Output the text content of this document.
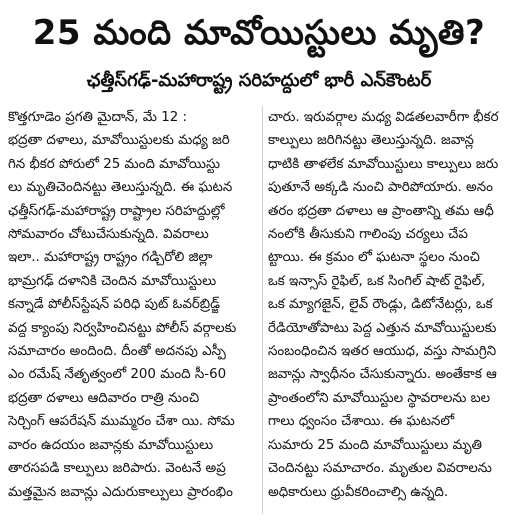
25 మంది మావోయిస్టులు మృతి?
ఛత్తీస్‌గఢ్‌-మహారాష్ట్ర సరిహద్దులో భారీ ఎన్‌కౌంటర్‌
కొత్తగూడెం ప్రగతి మైదాన్‌, మే 12 :
భద్రతా దళాలు, మావోయిస్టులకు మధ్య జరి
గిన భీకర పోరులో 25 మంది మావోయిస్టు
లు మృతిచెందినట్టు తెలుస్తున్నది. ఈ ఘటన
ఛత్తీస్‌గఢ్‌-మహారాష్ట్ర రాష్ట్రాల సరిహద్దుల్లో
సోమవారం చోటుచేసుకున్నది. వివరాలు
ఇలా.. మహారాష్ట్ర రాష్ట్రం గడ్చిరోలి జిల్లా
భామ్రగఢ్‌ దళానికి చెందిన మావోయిస్టులు
కన్నాడే పోలీస్‌స్టేషన్‌ పరిధి పుట్‌ ఓవర్‌బ్రిడ్జ్‌
వద్ద క్యాంపు నిర్వహించినట్టు పోలీస్‌ వర్గాలకు
సమాచారం అందింది. దీంతో అదనపు ఎస్పీ
ఎం రమేష్‌ నేతృత్వంలో 200 మంది సీ-60
భద్రతా దళాలు ఆదివారం రాత్రి నుంచి
సెర్చింగ్‌ ఆపరేషన్‌ ముమ్మరం చేశా యి. సోమ
వారం ఉదయం జవాన్లకు మావోయిస్టులు
తారసపడి కాల్పులు జరిపారు. వెంటనే అప్ర
మత్తమైన జవాన్లు ఎదురుకాల్పులు ప్రారంభిం
చారు. ఇరువర్గాల మధ్య విడతలవారీగా భీకర
కాల్పులు జరిగినట్టు తెలుస్తున్నది. జవాన్ల
ధాటికి తాళలేక మావోయిస్టులు కాల్పులు జరు
పుతూనే అక్కడి నుంచి పారిపోయారు. అనం
తరం భద్రతా దళాలు ఆ ప్రాంతాన్ని తమ ఆధీ
నంలోకి తీసుకుని గాలింపు చర్యలు చేప
ట్టాయి. ఈ క్రమం లో ఘటనా స్థలం నుంచి
ఒక ఇన్సాస్‌ రైఫిల్‌, ఒక సింగిల్‌ షాట్‌ రైఫిల్‌,
ఒక మ్యాగజైన్‌, లైవ్‌ రౌండ్లు, డిటోనేటర్లు, ఒక
రేడియోతోపాటు పెద్ద ఎత్తున మావోయిస్టులకు
సంబంధించిన ఇతర ఆయుధ, వస్తు సామగ్రిని
జవాన్లు స్వాధీనం చేసుకున్నారు. అంతేకాక ఆ
ప్రాంతంలోని మావోయిస్టుల స్థావరాలను బల
గాలు ధ్వంసం చేశాయి. ఈ ఘటనలో
సుమారు 25 మంది మావోయిస్టులు మృతి
చెందినట్టు సమాచారం. మృతుల వివరాలను
అధికారులు ధ్రువీకరించాల్సి ఉన్నది.
